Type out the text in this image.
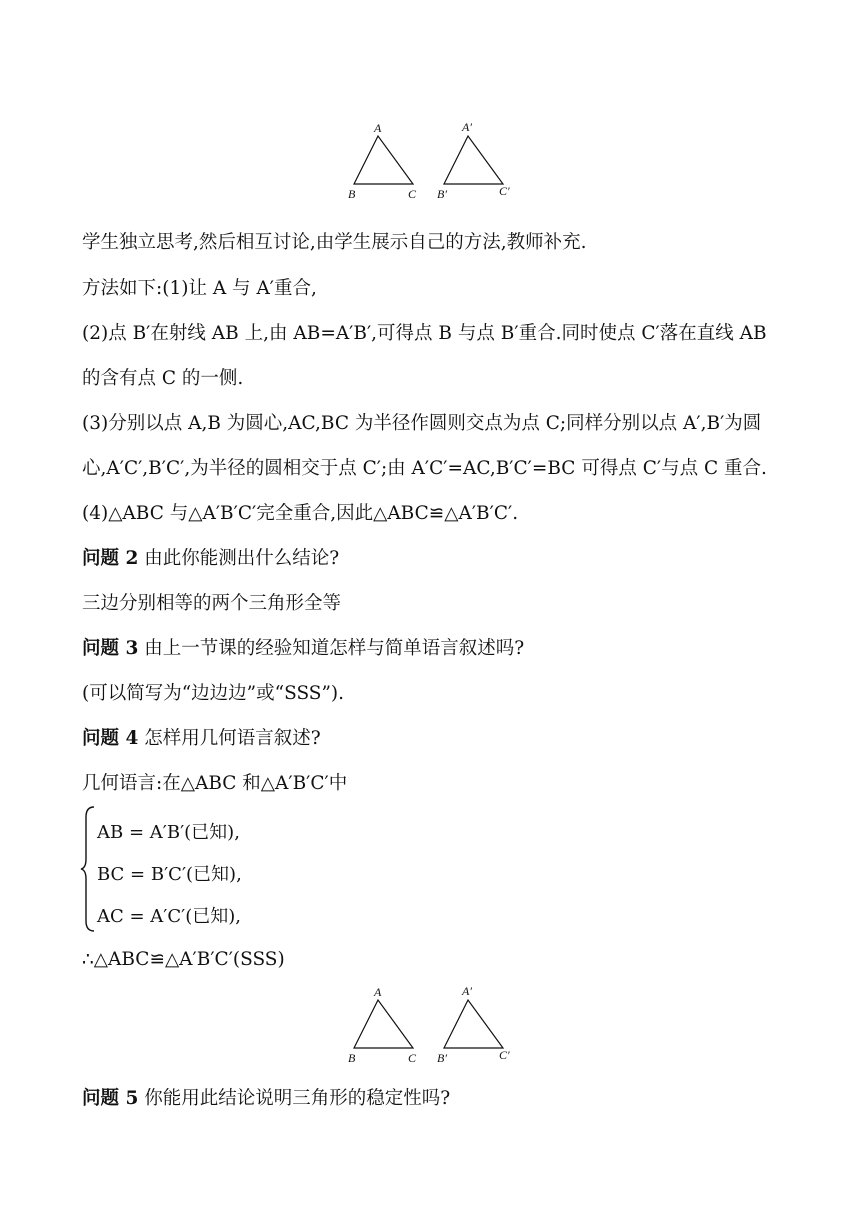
A
B	C
A′
B′	C′
学生独立思考,然后相互讨论,由学生展示自己的方法,教师补充.
方法如下:(1)让 A 与 A′重合,
(2)点 B′在射线 AB 上,由 AB=A′B′,可得点 B 与点 B′重合.同时使点 C′落在直线 AB
的含有点 C 的一侧.
(3)分别以点 A,B 为圆心,AC,BC 为半径作圆则交点为点 C;同样分别以点 A′,B′为圆
心,A′C′,B′C′,为半径的圆相交于点 C′;由 A′C′=AC,B′C′=BC 可得点 C′与点 C 重合.
(4)△ABC 与△A′B′C′完全重合,因此△ABC≌△A′B′C′.
问题 2 由此你能测出什么结论?
三边分别相等的两个三角形全等
问题 3 由上一节课的经验知道怎样与简单语言叙述吗?
(可以简写为“边边边”或“SSS”).
问题 4 怎样用几何语言叙述?
几何语言:在△ABC 和△A′B′C′中
AB = A′B′(已知),
BC = B′C′(已知),
AC = A′C′(已知),
∴△ABC≌△A′B′C′(SSS)
A
B	C
A′
B′	C′
问题 5 你能用此结论说明三角形的稳定性吗?
